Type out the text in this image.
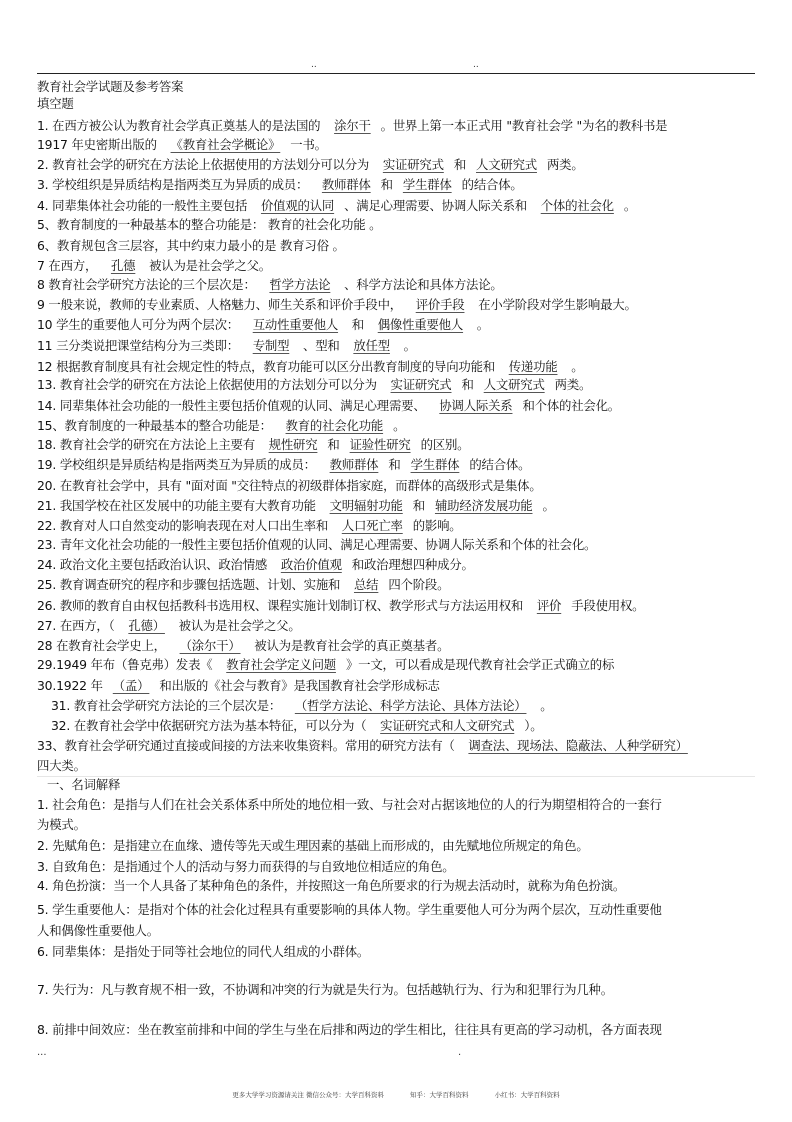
..	..
教育社会学试题及参考答案
填空题
1. 在西方被公认为教育社会学真正奠基人的是法国的 涂尔干 。世界上第一本正式用 "教育社会学 "为名的教科书是
1917 年史密斯出版的 《教育社会学概论》 一书。
2. 教育社会学的研究在方法论上依据使用的方法划分可以分为 实证研究式 和 人文研究式 两类。
3. 学校组织是异质结构是指两类互为异质的成员： 教师群体 和 学生群体 的结合体。
4. 同辈集体社会功能的一般性主要包括 价值观的认同 、满足心理需要、协调人际关系和 个体的社会化 。
5、教育制度的一种最基本的整合功能是： 教育的社会化功能 。
6、教育规包含三层容，其中约束力最小的是 教育习俗 。
7 在西方， 孔德 被认为是社会学之父。
8 教育社会学研究方法论的三个层次是： 哲学方法论 、科学方法论和具体方法论。
9 一般来说，教师的专业素质、人格魅力、师生关系和评价手段中， 评价手段 在小学阶段对学生影响最大。
10 学生的重要他人可分为两个层次： 互动性重要他人 和 偶像性重要他人 。
11 三分类说把课堂结构分为三类即： 专制型 、型和 放任型 。
12 根据教育制度具有社会规定性的特点，教育功能可以区分出教育制度的导向功能和 传递功能 。
13. 教育社会学的研究在方法论上依据使用的方法划分可以分为 实证研究式 和 人文研究式 两类。
14. 同辈集体社会功能的一般性主要包括价值观的认同、满足心理需要、 协调人际关系 和个体的社会化。
15、教育制度的一种最基本的整合功能是： 教育的社会化功能 。
18. 教育社会学的研究在方法论上主要有 规性研究 和 证验性研究 的区别。
19. 学校组织是异质结构是指两类互为异质的成员： 教师群体 和 学生群体 的结合体。
20. 在教育社会学中，具有 "面对面 "交往特点的初级群体指家庭，而群体的高级形式是集体。
21. 我国学校在社区发展中的功能主要有大教育功能 文明辐射功能 和 辅助经济发展功能 。
22. 教育对人口自然变动的影响表现在对人口出生率和 人口死亡率 的影响。
23. 青年文化社会功能的一般性主要包括价值观的认同、满足心理需要、协调人际关系和个体的社会化。
24. 政治文化主要包括政治认识、政治情感 政治价值观 和政治理想四种成分。
25. 教育调查研究的程序和步骤包括选题、计划、实施和 总结 四个阶段。
26. 教师的教育自由权包括教科书选用权、课程实施计划制订权、教学形式与方法运用权和 评价 手段使用权。
27. 在西方，（ 孔德） 被认为是社会学之父。
28 在教育社会学史上， （涂尔干） 被认为是教育社会学的真正奠基者。
29.1949 年布（鲁克弗）发表《 教育社会学定义问题 》一文，可以看成是现代教育社会学正式确立的标
30.1922 年 （孟） 和出版的《社会与教育》是我国教育社会学形成标志
31. 教育社会学研究方法论的三个层次是： （哲学方法论、科学方法论、具体方法论） 。
32. 在教育社会学中依据研究方法为基本特征，可以分为（ 实证研究式和人文研究式 ）。
33、教育社会学研究通过直接或间接的方法来收集资料。常用的研究方法有（ 调查法、现场法、隐蔽法、人种学研究）
四大类。
一、名词解释
1. 社会角色：是指与人们在社会关系体系中所处的地位相一致、与社会对占据该地位的人的行为期望相符合的一套行
为模式。
2. 先赋角色：是指建立在血缘、遗传等先天或生理因素的基础上而形成的，由先赋地位所规定的角色。
3. 自致角色：是指通过个人的活动与努力而获得的与自致地位相适应的角色。
4. 角色扮演：当一个人具备了某种角色的条件，并按照这一角色所要求的行为规去活动时，就称为角色扮演。
5. 学生重要他人：是指对个体的社会化过程具有重要影响的具体人物。学生重要他人可分为两个层次，互动性重要他
人和偶像性重要他人。
6. 同辈集体：是指处于同等社会地位的同代人组成的小群体。
7. 失行为：凡与教育规不相一致，不协调和冲突的行为就是失行为。包括越轨行为、行为和犯罪行为几种。
8. 前排中间效应：坐在教室前排和中间的学生与坐在后排和两边的学生相比，往往具有更高的学习动机，各方面表现
...	.
更多大学学习资源请关注 微信公众号：大学百科资料	知乎：大学百科资料	小红书：大学百科资料
